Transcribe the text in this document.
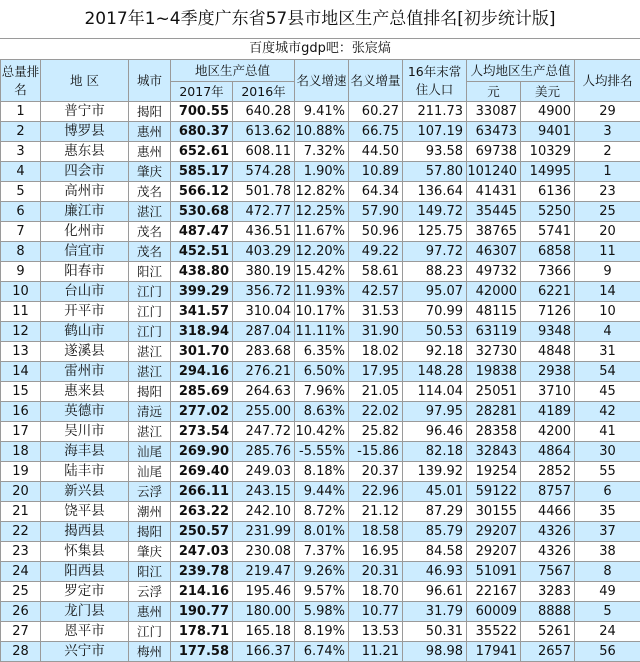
2017年1~4季度广东省57县市地区生产总值排名[初步统计版]
百度城市gdp吧：张宸熇
总量排名	地 区	城市	地区生产总值		名义增速	名义增量	16年末常住人口	人均地区生产总值		人均排名
			2017年	2016年				元	美元	
1	普宁市	揭阳	700.55	640.28	9.41%	60.27	211.73	33087	4900	29
2	博罗县	惠州	680.37	613.62	10.88%	66.75	107.19	63473	9401	3
3	惠东县	惠州	652.61	608.11	7.32%	44.50	93.58	69738	10329	2
4	四会市	肇庆	585.17	574.28	1.90%	10.89	57.80	101240	14995	1
5	高州市	茂名	566.12	501.78	12.82%	64.34	136.64	41431	6136	23
6	廉江市	湛江	530.68	472.77	12.25%	57.90	149.72	35445	5250	25
7	化州市	茂名	487.47	436.51	11.67%	50.96	125.75	38765	5741	20
8	信宜市	茂名	452.51	403.29	12.20%	49.22	97.72	46307	6858	11
9	阳春市	阳江	438.80	380.19	15.42%	58.61	88.23	49732	7366	9
10	台山市	江门	399.29	356.72	11.93%	42.57	95.07	42000	6221	14
11	开平市	江门	341.57	310.04	10.17%	31.53	70.99	48115	7126	10
12	鹤山市	江门	318.94	287.04	11.11%	31.90	50.53	63119	9348	4
13	遂溪县	湛江	301.70	283.68	6.35%	18.02	92.18	32730	4848	31
14	雷州市	湛江	294.16	276.21	6.50%	17.95	148.28	19838	2938	54
15	惠来县	揭阳	285.69	264.63	7.96%	21.05	114.04	25051	3710	45
16	英德市	清远	277.02	255.00	8.63%	22.02	97.95	28281	4189	42
17	吴川市	湛江	273.54	247.72	10.42%	25.82	96.46	28358	4200	41
18	海丰县	汕尾	269.90	285.76	-5.55%	-15.86	82.18	32843	4864	30
19	陆丰市	汕尾	269.40	249.03	8.18%	20.37	139.92	19254	2852	55
20	新兴县	云浮	266.11	243.15	9.44%	22.96	45.01	59122	8757	6
21	饶平县	潮州	263.22	242.10	8.72%	21.12	87.29	30155	4466	35
22	揭西县	揭阳	250.57	231.99	8.01%	18.58	85.79	29207	4326	37
23	怀集县	肇庆	247.03	230.08	7.37%	16.95	84.58	29207	4326	38
24	阳西县	阳江	239.78	219.47	9.26%	20.31	46.93	51091	7567	8
25	罗定市	云浮	214.16	195.46	9.57%	18.70	96.61	22167	3283	49
26	龙门县	惠州	190.77	180.00	5.98%	10.77	31.79	60009	8888	5
27	恩平市	江门	178.71	165.18	8.19%	13.53	50.31	35522	5261	24
28	兴宁市	梅州	177.58	166.37	6.74%	11.21	98.98	17941	2657	56
